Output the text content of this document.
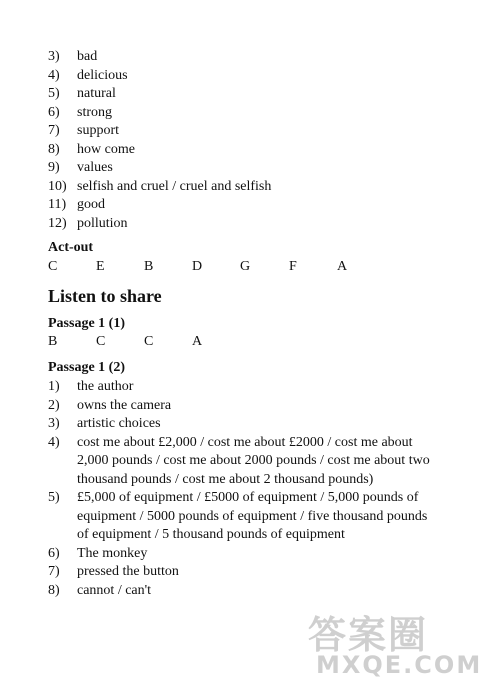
3)	bad
4)	delicious
5)	natural
6)	strong
7)	support
8)	how come
9)	values
10) selfish and cruel / cruel and selfish
11) good
12) pollution
Act-out
C	E	B	D	G	F	A
Listen to share
Passage 1 (1)
B	C	C	A
Passage 1 (2)
1)	the author
2)	owns the camera
3)	artistic choices
4)	cost me about £2,000 / cost me about £2000 / cost me about 2,000 pounds / cost me about 2000 pounds / cost me about two thousand pounds / cost me about 2 thousand pounds)
5)	£5,000 of equipment / £5000 of equipment / 5,000 pounds of equipment / 5000 pounds of equipment / five thousand pounds of equipment / 5 thousand pounds of equipment
6)	The monkey
7)	pressed the button
8)	cannot / can't
答案圈
MXQE.COM
